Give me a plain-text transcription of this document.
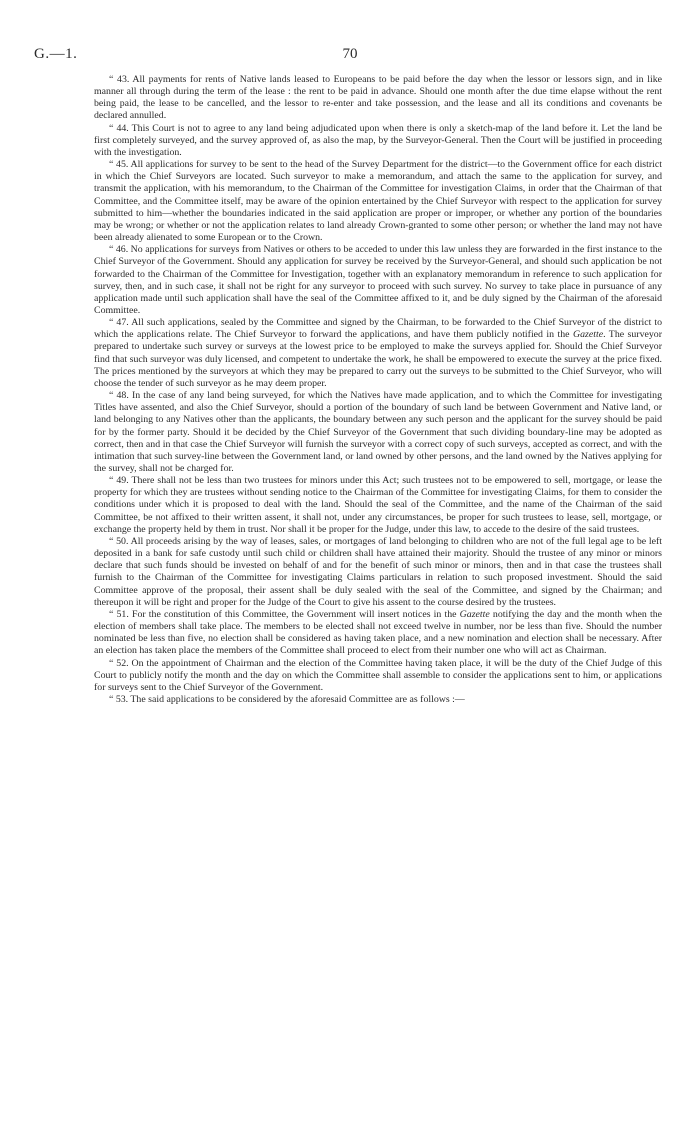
G.—1.	70

“ 43. All payments for rents of Native lands leased to Europeans to be paid before the day when the lessor or lessors sign, and in like manner all through during the term of the lease : the rent to be paid in advance. Should one month after the due time elapse without the rent being paid, the lease to be cancelled, and the lessor to re-enter and take possession, and the lease and all its conditions and covenants be declared annulled.

“ 44. This Court is not to agree to any land being adjudicated upon when there is only a sketch-map of the land before it. Let the land be first completely surveyed, and the survey approved of, as also the map, by the Surveyor-General. Then the Court will be justified in proceeding with the investigation.

“ 45. All applications for survey to be sent to the head of the Survey Department for the district—to the Government office for each district in which the Chief Surveyors are located. Such surveyor to make a memorandum, and attach the same to the application for survey, and transmit the application, with his memorandum, to the Chairman of the Committee for investigation Claims, in order that the Chairman of that Committee, and the Committee itself, may be aware of the opinion entertained by the Chief Surveyor with respect to the application for survey submitted to him—whether the boundaries indicated in the said application are proper or improper, or whether any portion of the boundaries may be wrong; or whether or not the application relates to land already Crown-granted to some other person; or whether the land may not have been already alienated to some European or to the Crown.

“ 46. No applications for surveys from Natives or others to be acceded to under this law unless they are forwarded in the first instance to the Chief Surveyor of the Government. Should any application for survey be received by the Surveyor-General, and should such application be not forwarded to the Chairman of the Committee for Investigation, together with an explanatory memorandum in reference to such application for survey, then, and in such case, it shall not be right for any surveyor to proceed with such survey. No survey to take place in pursuance of any application made until such application shall have the seal of the Committee affixed to it, and be duly signed by the Chairman of the aforesaid Committee.

“ 47. All such applications, sealed by the Committee and signed by the Chairman, to be forwarded to the Chief Surveyor of the district to which the applications relate. The Chief Surveyor to forward the applications, and have them publicly notified in the Gazette. The surveyor prepared to undertake such survey or surveys at the lowest price to be employed to make the surveys applied for. Should the Chief Surveyor find that such surveyor was duly licensed, and competent to undertake the work, he shall be empowered to execute the survey at the price fixed. The prices mentioned by the surveyors at which they may be prepared to carry out the surveys to be submitted to the Chief Surveyor, who will choose the tender of such surveyor as he may deem proper.

“ 48. In the case of any land being surveyed, for which the Natives have made application, and to which the Committee for investigating Titles have assented, and also the Chief Surveyor, should a portion of the boundary of such land be between Government and Native land, or land belonging to any Natives other than the applicants, the boundary between any such person and the applicant for the survey should be paid for by the former party. Should it be decided by the Chief Surveyor of the Government that such dividing boundary-line may be adopted as correct, then and in that case the Chief Surveyor will furnish the surveyor with a correct copy of such surveys, accepted as correct, and with the intimation that such survey-line between the Government land, or land owned by other persons, and the land owned by the Natives applying for the survey, shall not be charged for.

“ 49. There shall not be less than two trustees for minors under this Act; such trustees not to be empowered to sell, mortgage, or lease the property for which they are trustees without sending notice to the Chairman of the Committee for investigating Claims, for them to consider the conditions under which it is proposed to deal with the land. Should the seal of the Committee, and the name of the Chairman of the said Committee, be not affixed to their written assent, it shall not, under any circumstances, be proper for such trustees to lease, sell, mortgage, or exchange the property held by them in trust. Nor shall it be proper for the Judge, under this law, to accede to the desire of the said trustees.

“ 50. All proceeds arising by the way of leases, sales, or mortgages of land belonging to children who are not of the full legal age to be left deposited in a bank for safe custody until such child or children shall have attained their majority. Should the trustee of any minor or minors declare that such funds should be invested on behalf of and for the benefit of such minor or minors, then and in that case the trustees shall furnish to the Chairman of the Committee for investigating Claims particulars in relation to such proposed investment. Should the said Committee approve of the proposal, their assent shall be duly sealed with the seal of the Committee, and signed by the Chairman; and thereupon it will be right and proper for the Judge of the Court to give his assent to the course desired by the trustees.

“ 51. For the constitution of this Committee, the Government will insert notices in the Gazette notifying the day and the month when the election of members shall take place. The members to be elected shall not exceed twelve in number, nor be less than five. Should the number nominated be less than five, no election shall be considered as having taken place, and a new nomination and election shall be necessary. After an election has taken place the members of the Committee shall proceed to elect from their number one who will act as Chairman.

“ 52. On the appointment of Chairman and the election of the Committee having taken place, it will be the duty of the Chief Judge of this Court to publicly notify the month and the day on which the Committee shall assemble to consider the applications sent to him, or applications for surveys sent to the Chief Surveyor of the Government.

“ 53. The said applications to be considered by the aforesaid Committee are as follows :—
